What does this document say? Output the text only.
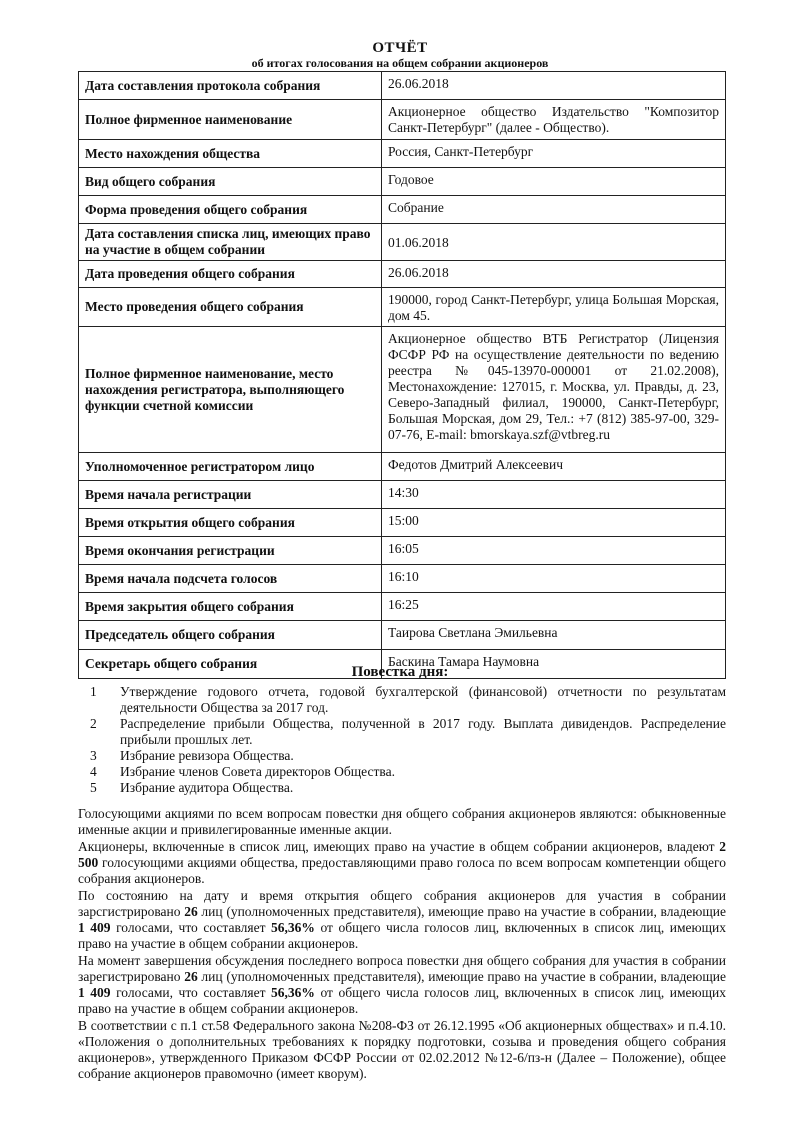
ОТЧЁТ
об итогах голосования на общем собрании акционеров
Дата составления протокола собрания	26.06.2018
Полное фирменное наименование	Акционерное общество Издательство "Композитор Санкт-Петербург" (далее - Общество).
Место нахождения общества	Россия, Санкт-Петербург
Вид общего собрания	Годовое
Форма проведения общего собрания	Собрание
Дата составления списка лиц, имеющих право на участие в общем собрании	01.06.2018
Дата проведения общего собрания	26.06.2018
Место проведения общего собрания	190000, город Санкт-Петербург, улица Большая Морская, дом 45.
Полное фирменное наименование, место нахождения регистратора, выполняющего функции счетной комиссии	Акционерное общество ВТБ Регистратор (Лицензия ФСФР РФ на осуществление деятельности по ведению реестра №045-13970-000001 от 21.02.2008), Местонахождение: 127015, г. Москва, ул. Правды, д. 23, Северо-Западный филиал, 190000, Санкт-Петербург, Большая Морская, дом 29, Тел.: +7 (812) 385-97-00, 329-07-76, E-mail: bmorskaya.szf@vtbreg.ru
Уполномоченное регистратором лицо	Федотов Дмитрий Алексеевич
Время начала регистрации	14:30
Время открытия общего собрания	15:00
Время окончания регистрации	16:05
Время начала подсчета голосов	16:10
Время закрытия общего собрания	16:25
Председатель общего собрания	Таирова Светлана Эмильевна
Секретарь общего собрания	Баскина Тамара Наумовна
Повестка дня:
1	Утверждение годового отчета, годовой бухгалтерской (финансовой) отчетности по результатам деятельности Общества за 2017 год.
2	Распределение прибыли Общества, полученной в 2017 году. Выплата дивидендов. Распределение прибыли прошлых лет.
3	Избрание ревизора Общества.
4	Избрание членов Совета директоров Общества.
5	Избрание аудитора Общества.

Голосующими акциями по всем вопросам повестки дня общего собрания акционеров являются: обыкновенные именные акции и привилегированные именные акции.

Акционеры, включенные в список лиц, имеющих право на участие в общем собрании акционеров, владеют 2 500 голосующими акциями общества, предоставляющими право голоса по всем вопросам компетенции общего собрания акционеров.

По состоянию на дату и время открытия общего собрания акционеров для участия в собрании зарсгистрировано 26 лиц (уполномоченных представителя), имеющие право на участие в собрании, владеющие 1 409 голосами, что составляет 56,36% от общего числа голосов лиц, включенных в список лиц, имеющих право на участие в общем собрании акционеров.

На момент завершения обсуждения последнего вопроса повестки дня общего собрания для участия в собрании зарегистрировано 26 лиц (уполномоченных представителя), имеющие право на участие в собрании, владеющие 1 409 голосами, что составляет 56,36% от общего числа голосов лиц, включенных в список лиц, имеющих право на участие в общем собрании акционеров.

В соответствии с п.1 ст.58 Федерального закона №208-ФЗ от 26.12.1995 «Об акционерных обществах» и п.4.10. «Положения о дополнительных требованиях к порядку подготовки, созыва и проведения общего собрания акционеров», утвержденного Приказом ФСФР России от 02.02.2012 №12-6/пз-н (Далее – Положение), общее собрание акционеров правомочно (имеет кворум).
